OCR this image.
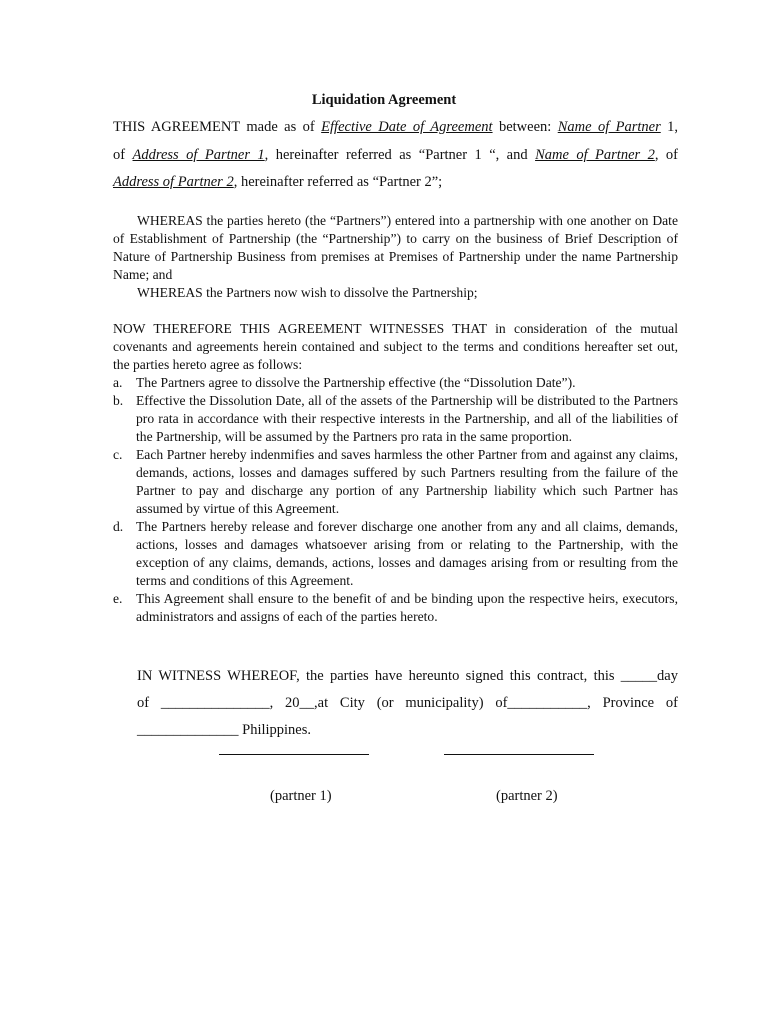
Liquidation Agreement
THIS AGREEMENT made as of Effective Date of Agreement between: Name of Partner 1,
of Address of Partner 1, hereinafter referred as “Partner 1 “, and Name of Partner 2, of
Address of Partner 2, hereinafter referred as “Partner 2”;
WHEREAS the parties hereto (the “Partners”) entered into a partnership with one another on Date of Establishment of Partnership (the “Partnership”) to carry on the business of Brief Description of Nature of Partnership Business from premises at Premises of Partnership under the name Partnership Name; and
WHEREAS the Partners now wish to dissolve the Partnership;
NOW THEREFORE THIS AGREEMENT WITNESSES THAT in consideration of the mutual covenants and agreements herein contained and subject to the terms and conditions hereafter set out, the parties hereto agree as follows:
a. The Partners agree to dissolve the Partnership effective (the “Dissolution Date”).
b. Effective the Dissolution Date, all of the assets of the Partnership will be distributed to the Partners pro rata in accordance with their respective interests in the Partnership, and all of the liabilities of the Partnership, will be assumed by the Partners pro rata in the same proportion.
c. Each Partner hereby indenmifies and saves harmless the other Partner from and against any claims, demands, actions, losses and damages suffered by such Partners resulting from the failure of the Partner to pay and discharge any portion of any Partnership liability which such Partner has assumed by virtue of this Agreement.
d. The Partners hereby release and forever discharge one another from any and all claims, demands, actions, losses and damages whatsoever arising from or relating to the Partnership, with the exception of any claims, demands, actions, losses and damages arising from or resulting from the terms and conditions of this Agreement.
e. This Agreement shall ensure to the benefit of and be binding upon the respective heirs, executors, administrators and assigns of each of the parties hereto.
IN WITNESS WHEREOF, the parties have hereunto signed this contract, this _____day
of _______________, 20__,at City (or municipality) of___________, Province of
______________ Philippines.
(partner 1)	(partner 2)
